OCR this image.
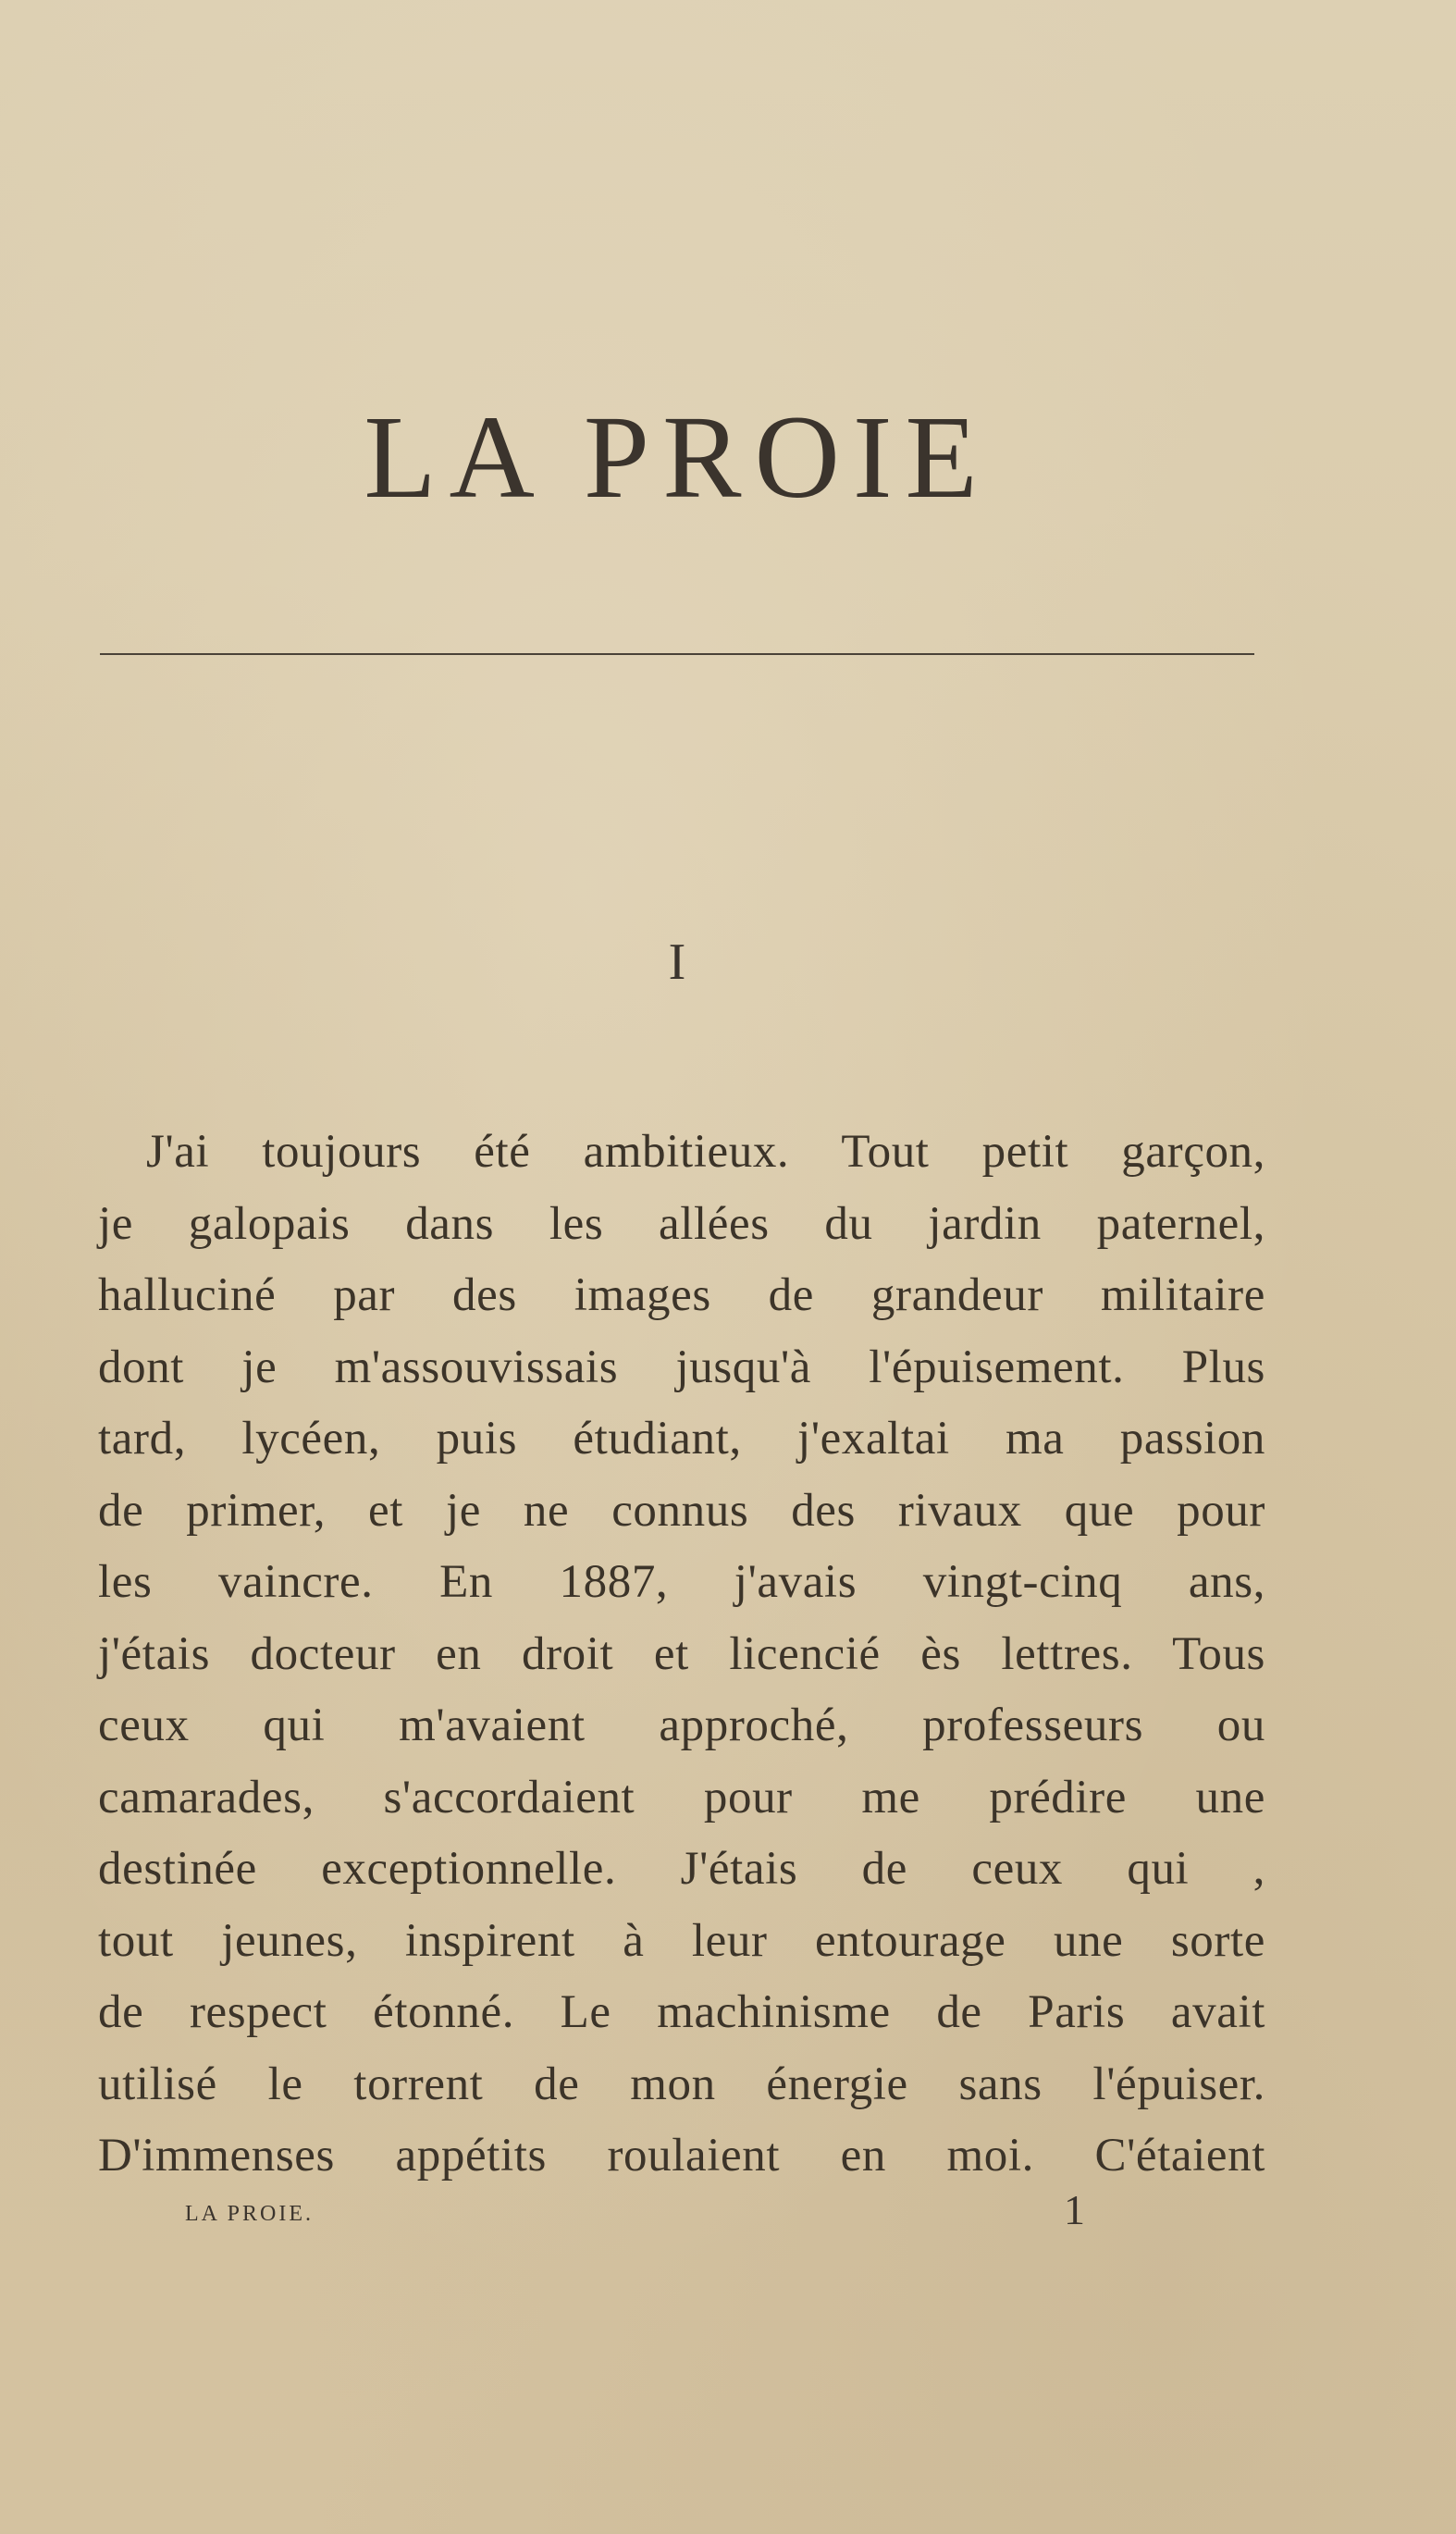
LA PROIE
I
J'ai toujours été ambitieux. Tout petit garçon,
je galopais dans les allées du jardin paternel,
halluciné par des images de grandeur militaire
dont je m'assouvissais jusqu'à l'épuisement. Plus
tard, lycéen, puis étudiant, j'exaltai ma passion
de primer, et je ne connus des rivaux que pour
les vaincre. En 1887, j'avais vingt-cinq ans,
j'étais docteur en droit et licencié ès lettres. Tous
ceux qui m'avaient approché, professeurs ou
camarades, s'accordaient pour me prédire une
destinée exceptionnelle. J'étais de ceux qui ,
tout jeunes, inspirent à leur entourage une sorte
de respect étonné. Le machinisme de Paris avait
utilisé le torrent de mon énergie sans l'épuiser.
D'immenses appétits roulaient en moi. C'étaient
LA PROIE.	1
